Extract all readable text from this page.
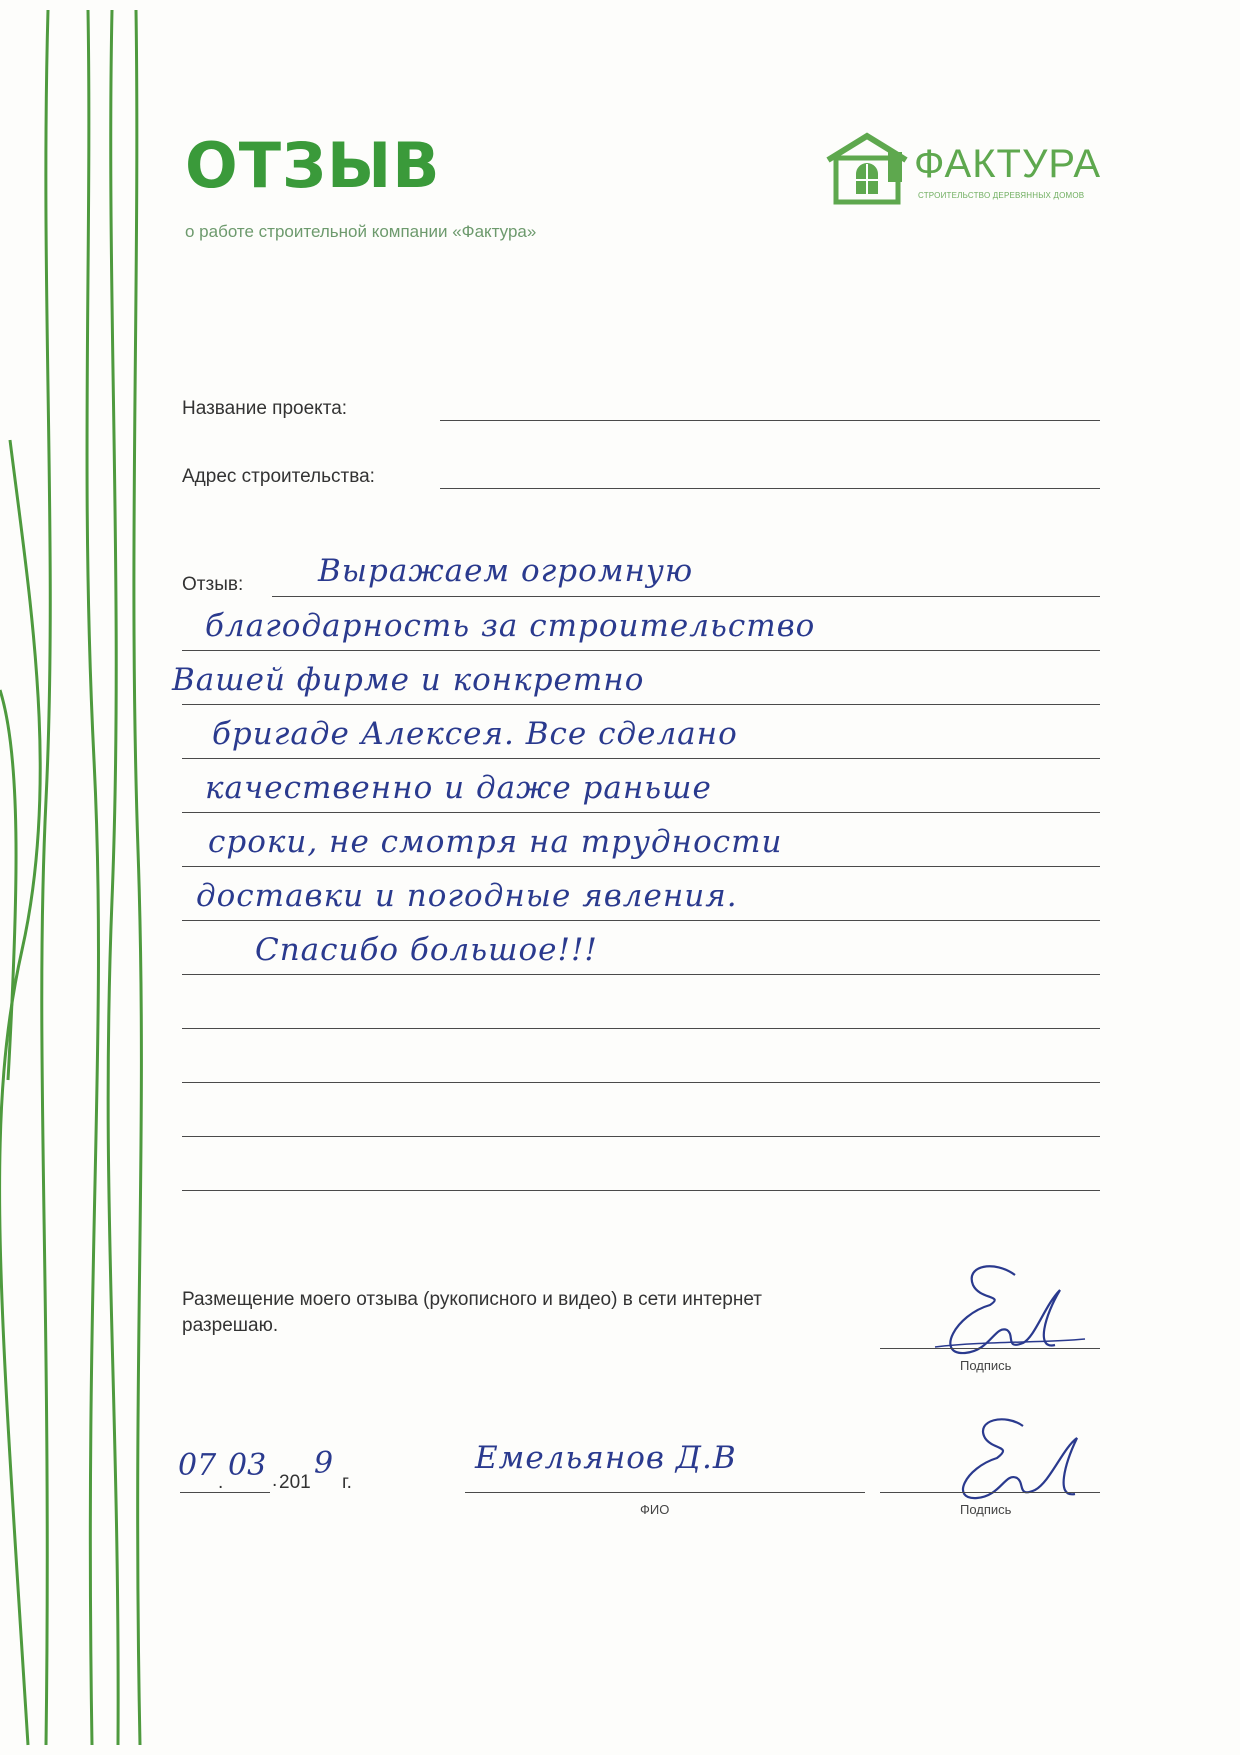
ОТЗЫВ
о работе строительной компании «Фактура»
ФАКТУРА
СТРОИТЕЛЬСТВО ДЕРЕВЯННЫХ ДОМОВ
Название проекта:
Адрес строительства:
Отзыв: Выражаем огромную
благодарность за строительство
Вашей фирме и конкретно
бригаде Алексея. Все сделано
качественно и даже раньше
сроки, не смотря на трудности
доставки и погодные явления.
Спасибо большое!!!
Размещение моего отзыва (рукописного и видео) в сети интернет разрешаю.
Подпись
07 . 03 . 201
9
г.
Емельянов Д.В
ФИО	Подпись
